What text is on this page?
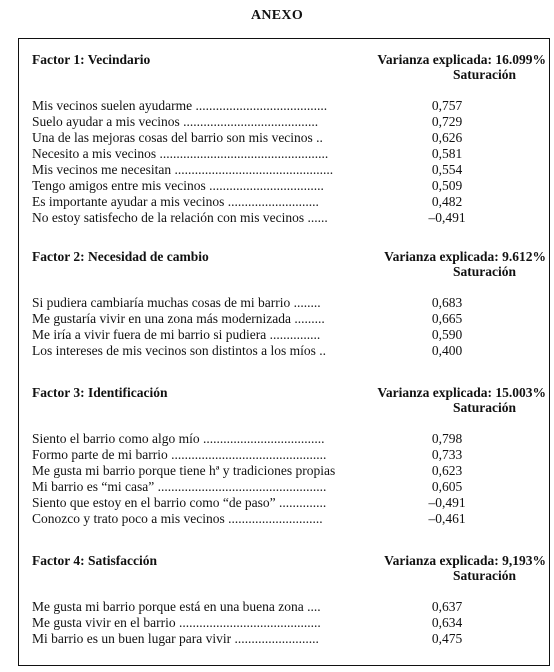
ANEXO
Factor 1: Vecindario	Varianza explicada: 16.099%
Saturación
Mis vecinos suelen ayudarme .......................................	0,757
Suelo ayudar a mis vecinos ........................................	0,729
Una de las mejoras cosas del barrio son mis vecinos ..	0,626
Necesito a mis vecinos ..................................................	0,581
Mis vecinos me necesitan ...............................................	0,554
Tengo amigos entre mis vecinos ..................................	0,509
Es importante ayudar a mis vecinos ...........................	0,482
No estoy satisfecho de la relación con mis vecinos ......	–0,491
Factor 2: Necesidad de cambio	Varianza explicada: 9.612%
Saturación
Si pudiera cambiaría muchas cosas de mi barrio ........	0,683
Me gustaría vivir en una zona más modernizada .........	0,665
Me iría a vivir fuera de mi barrio si pudiera ...............	0,590
Los intereses de mis vecinos son distintos a los míos ..	0,400
Factor 3: Identificación	Varianza explicada: 15.003%
Saturación
Siento el barrio como algo mío ....................................	0,798
Formo parte de mi barrio ..............................................	0,733
Me gusta mi barrio porque tiene hª y tradiciones propias	0,623
Mi barrio es “mi casa” ..................................................	0,605
Siento que estoy en el barrio como “de paso” ..............	–0,491
Conozco y trato poco a mis vecinos ............................	–0,461
Factor 4: Satisfacción	Varianza explicada: 9,193%
Saturación
Me gusta mi barrio porque está en una buena zona ....	0,637
Me gusta vivir en el barrio ..........................................	0,634
Mi barrio es un buen lugar para vivir .........................	0,475
